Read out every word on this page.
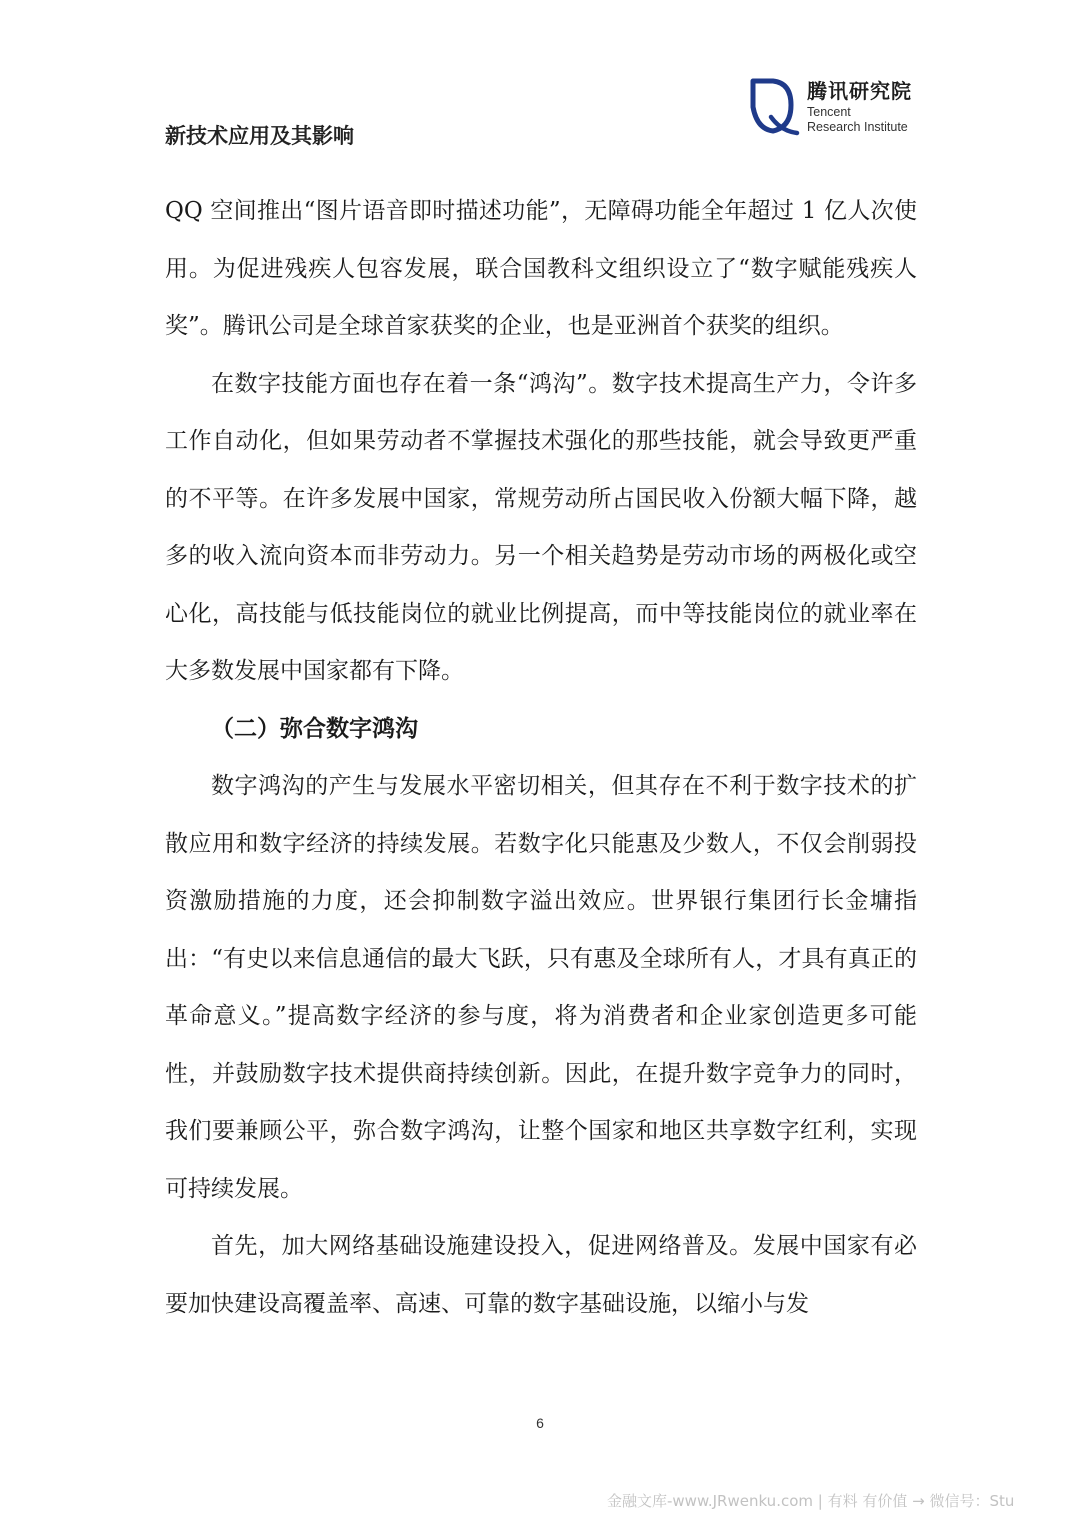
新技术应用及其影响
腾讯研究院
Tencent
Research Institute

QQ 空间推出“图片语音即时描述功能”，无障碍功能全年超过 1 亿人次使用。为促进残疾人包容发展，联合国教科文组织设立了“数字赋能残疾人奖”。腾讯公司是全球首家获奖的企业，也是亚洲首个获奖的组织。

在数字技能方面也存在着一条“鸿沟”。数字技术提高生产力，令许多工作自动化，但如果劳动者不掌握技术强化的那些技能，就会导致更严重的不平等。在许多发展中国家，常规劳动所占国民收入份额大幅下降，越多的收入流向资本而非劳动力。另一个相关趋势是劳动市场的两极化或空心化，高技能与低技能岗位的就业比例提高，而中等技能岗位的就业率在大多数发展中国家都有下降。

（二）弥合数字鸿沟

数字鸿沟的产生与发展水平密切相关，但其存在不利于数字技术的扩散应用和数字经济的持续发展。若数字化只能惠及少数人，不仅会削弱投资激励措施的力度，还会抑制数字溢出效应。世界银行集团行长金墉指出：“有史以来信息通信的最大飞跃，只有惠及全球所有人，才具有真正的革命意义。”提高数字经济的参与度，将为消费者和企业家创造更多可能性，并鼓励数字技术提供商持续创新。因此，在提升数字竞争力的同时，我们要兼顾公平，弥合数字鸿沟，让整个国家和地区共享数字红利，实现可持续发展。

首先，加大网络基础设施建设投入，促进网络普及。发展中国家有必要加快建设高覆盖率、高速、可靠的数字基础设施，以缩小与发

6
金融文库-www.JRwenku.com | 有料 有价值 → 微信号：Stu
